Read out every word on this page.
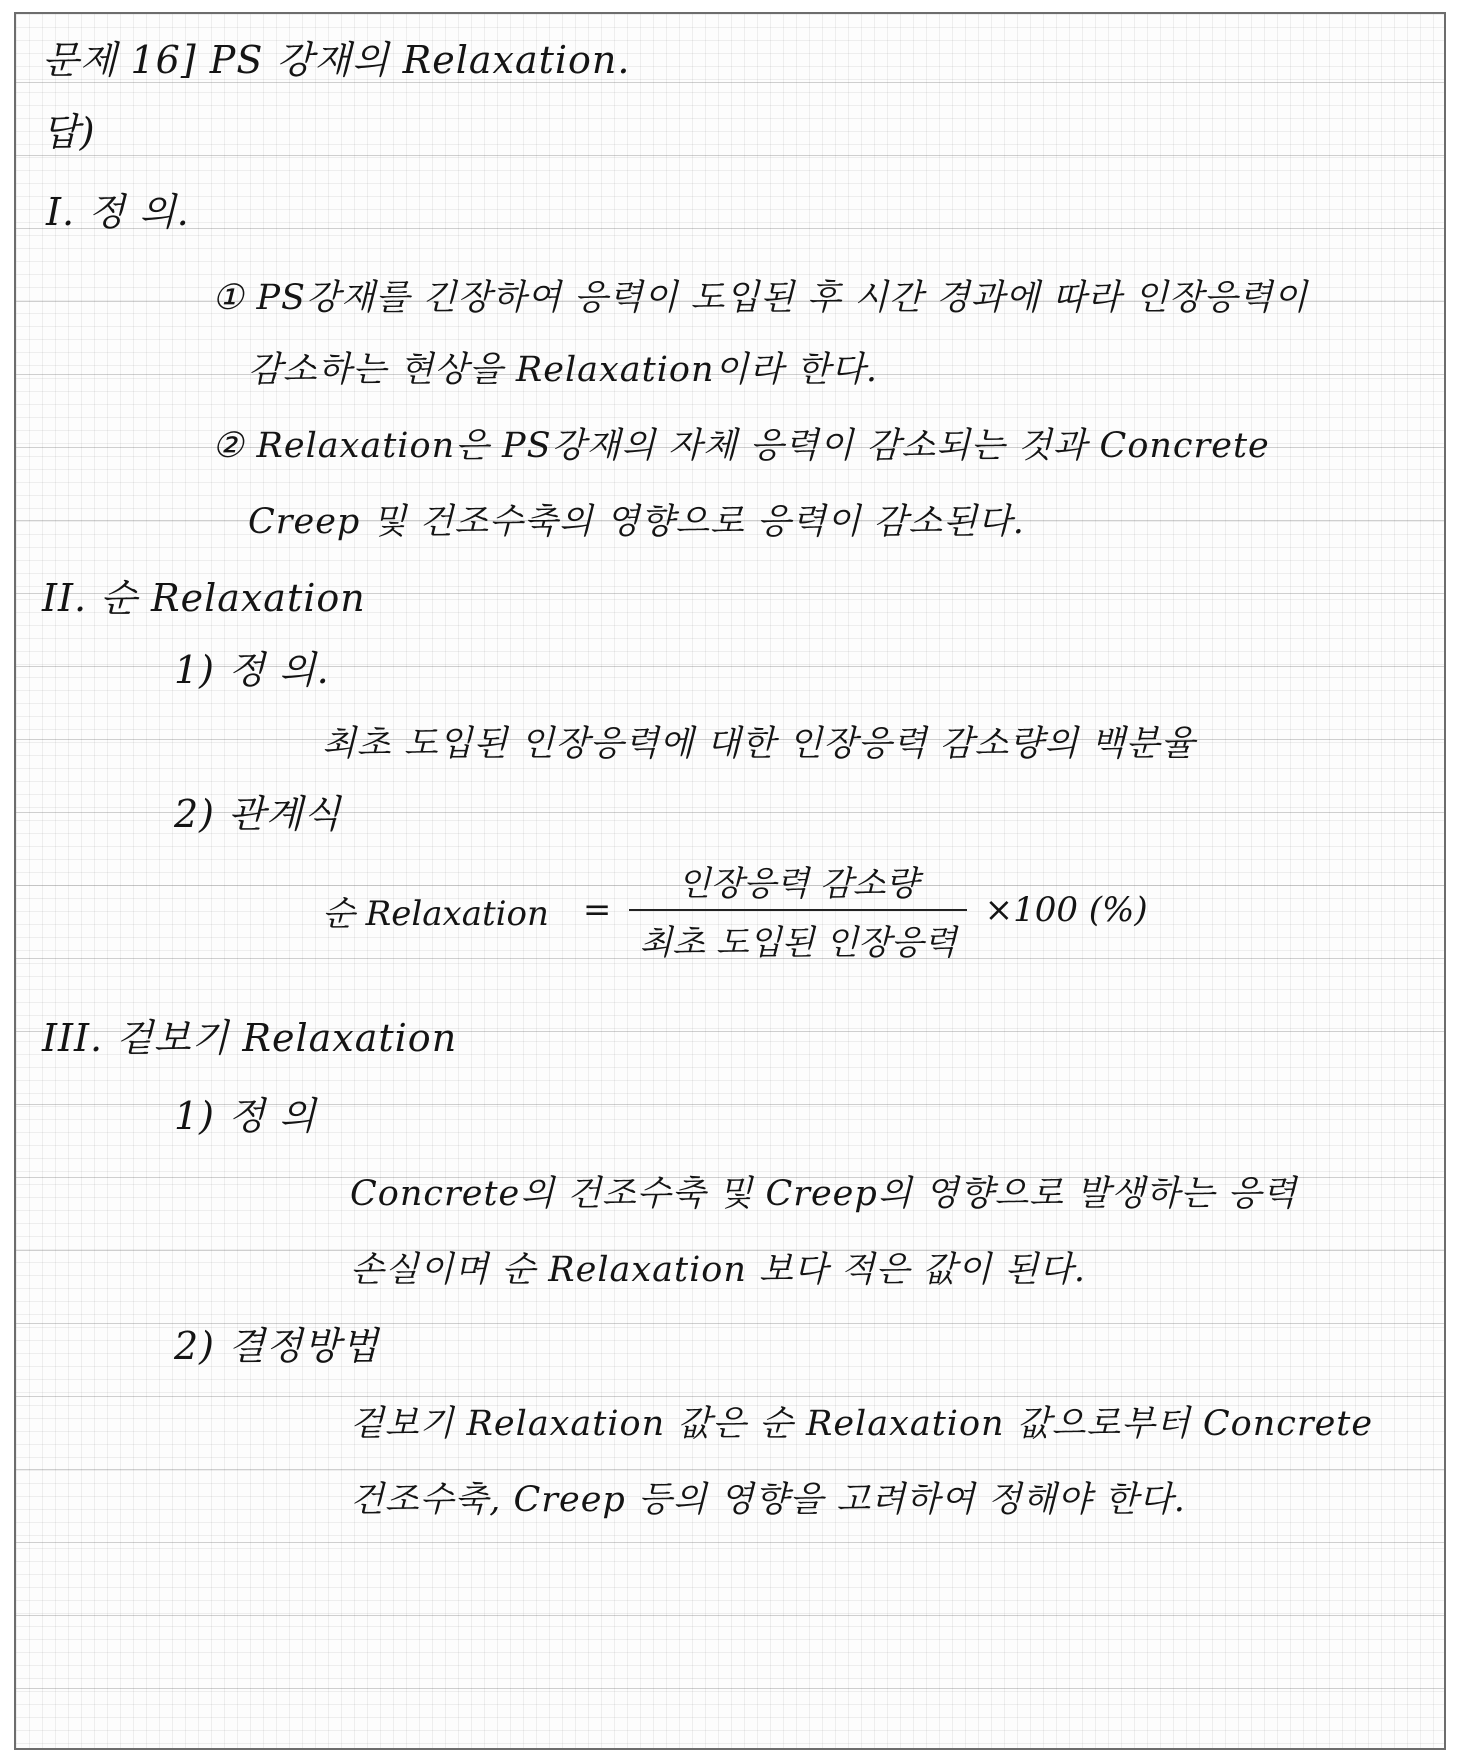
문제 16] PS 강재의 Relaxation.
답)
I. 정 의.
① PS강재를 긴장하여 응력이 도입된 후 시간 경과에 따라 인장응력이
감소하는 현상을 Relaxation이라 한다.
② Relaxation은 PS강재의 자체 응력이 감소되는 것과 Concrete
Creep 및 건조수축의 영향으로 응력이 감소된다.
II. 순 Relaxation
1) 정 의.
최초 도입된 인장응력에 대한 인장응력 감소량의 백분율
2) 관계식
순 Relaxation = $\frac{\text{인장응력 감소량}}{\text{최초 도입된 인장응력}} \times 100$ (%)
III. 겉보기 Relaxation
1) 정 의
Concrete의 건조수축 및 Creep의 영향으로 발생하는 응력
손실이며 순 Relaxation 보다 적은 값이 된다.
2) 결정방법
겉보기 Relaxation 값은 순 Relaxation 값으로부터 Concrete
건조수축, Creep 등의 영향을 고려하여 정해야 한다.
